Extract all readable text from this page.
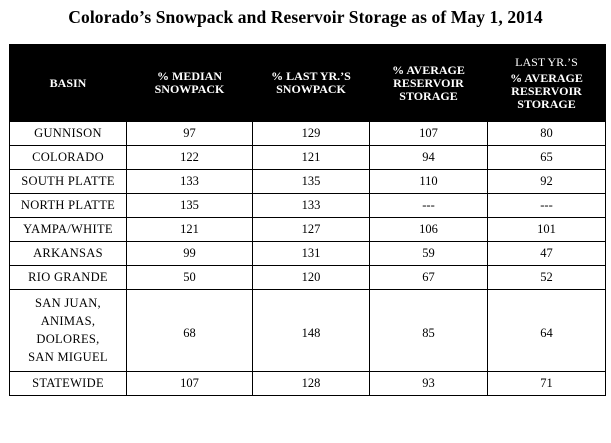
Colorado’s Snowpack and Reservoir Storage as of May 1, 2014
BASIN	% MEDIAN SNOWPACK	% LAST YR.’S SNOWPACK	% AVERAGE RESERVOIR STORAGE	LAST YR.’S
% AVERAGE RESERVOIR STORAGE

GUNNISON	97	129	107	80

COLORADO	122	121	94	65

SOUTH PLATTE	133	135	110	92

NORTH PLATTE	135	133	---	---

YAMPA/WHITE	121	127	106	101

ARKANSAS	99	131	59	47

RIO GRANDE	50	120	67	52

SAN JUAN,
ANIMAS,
DOLORES,
SAN MIGUEL	68	148	85	64

STATEWIDE	107	128	93	71
